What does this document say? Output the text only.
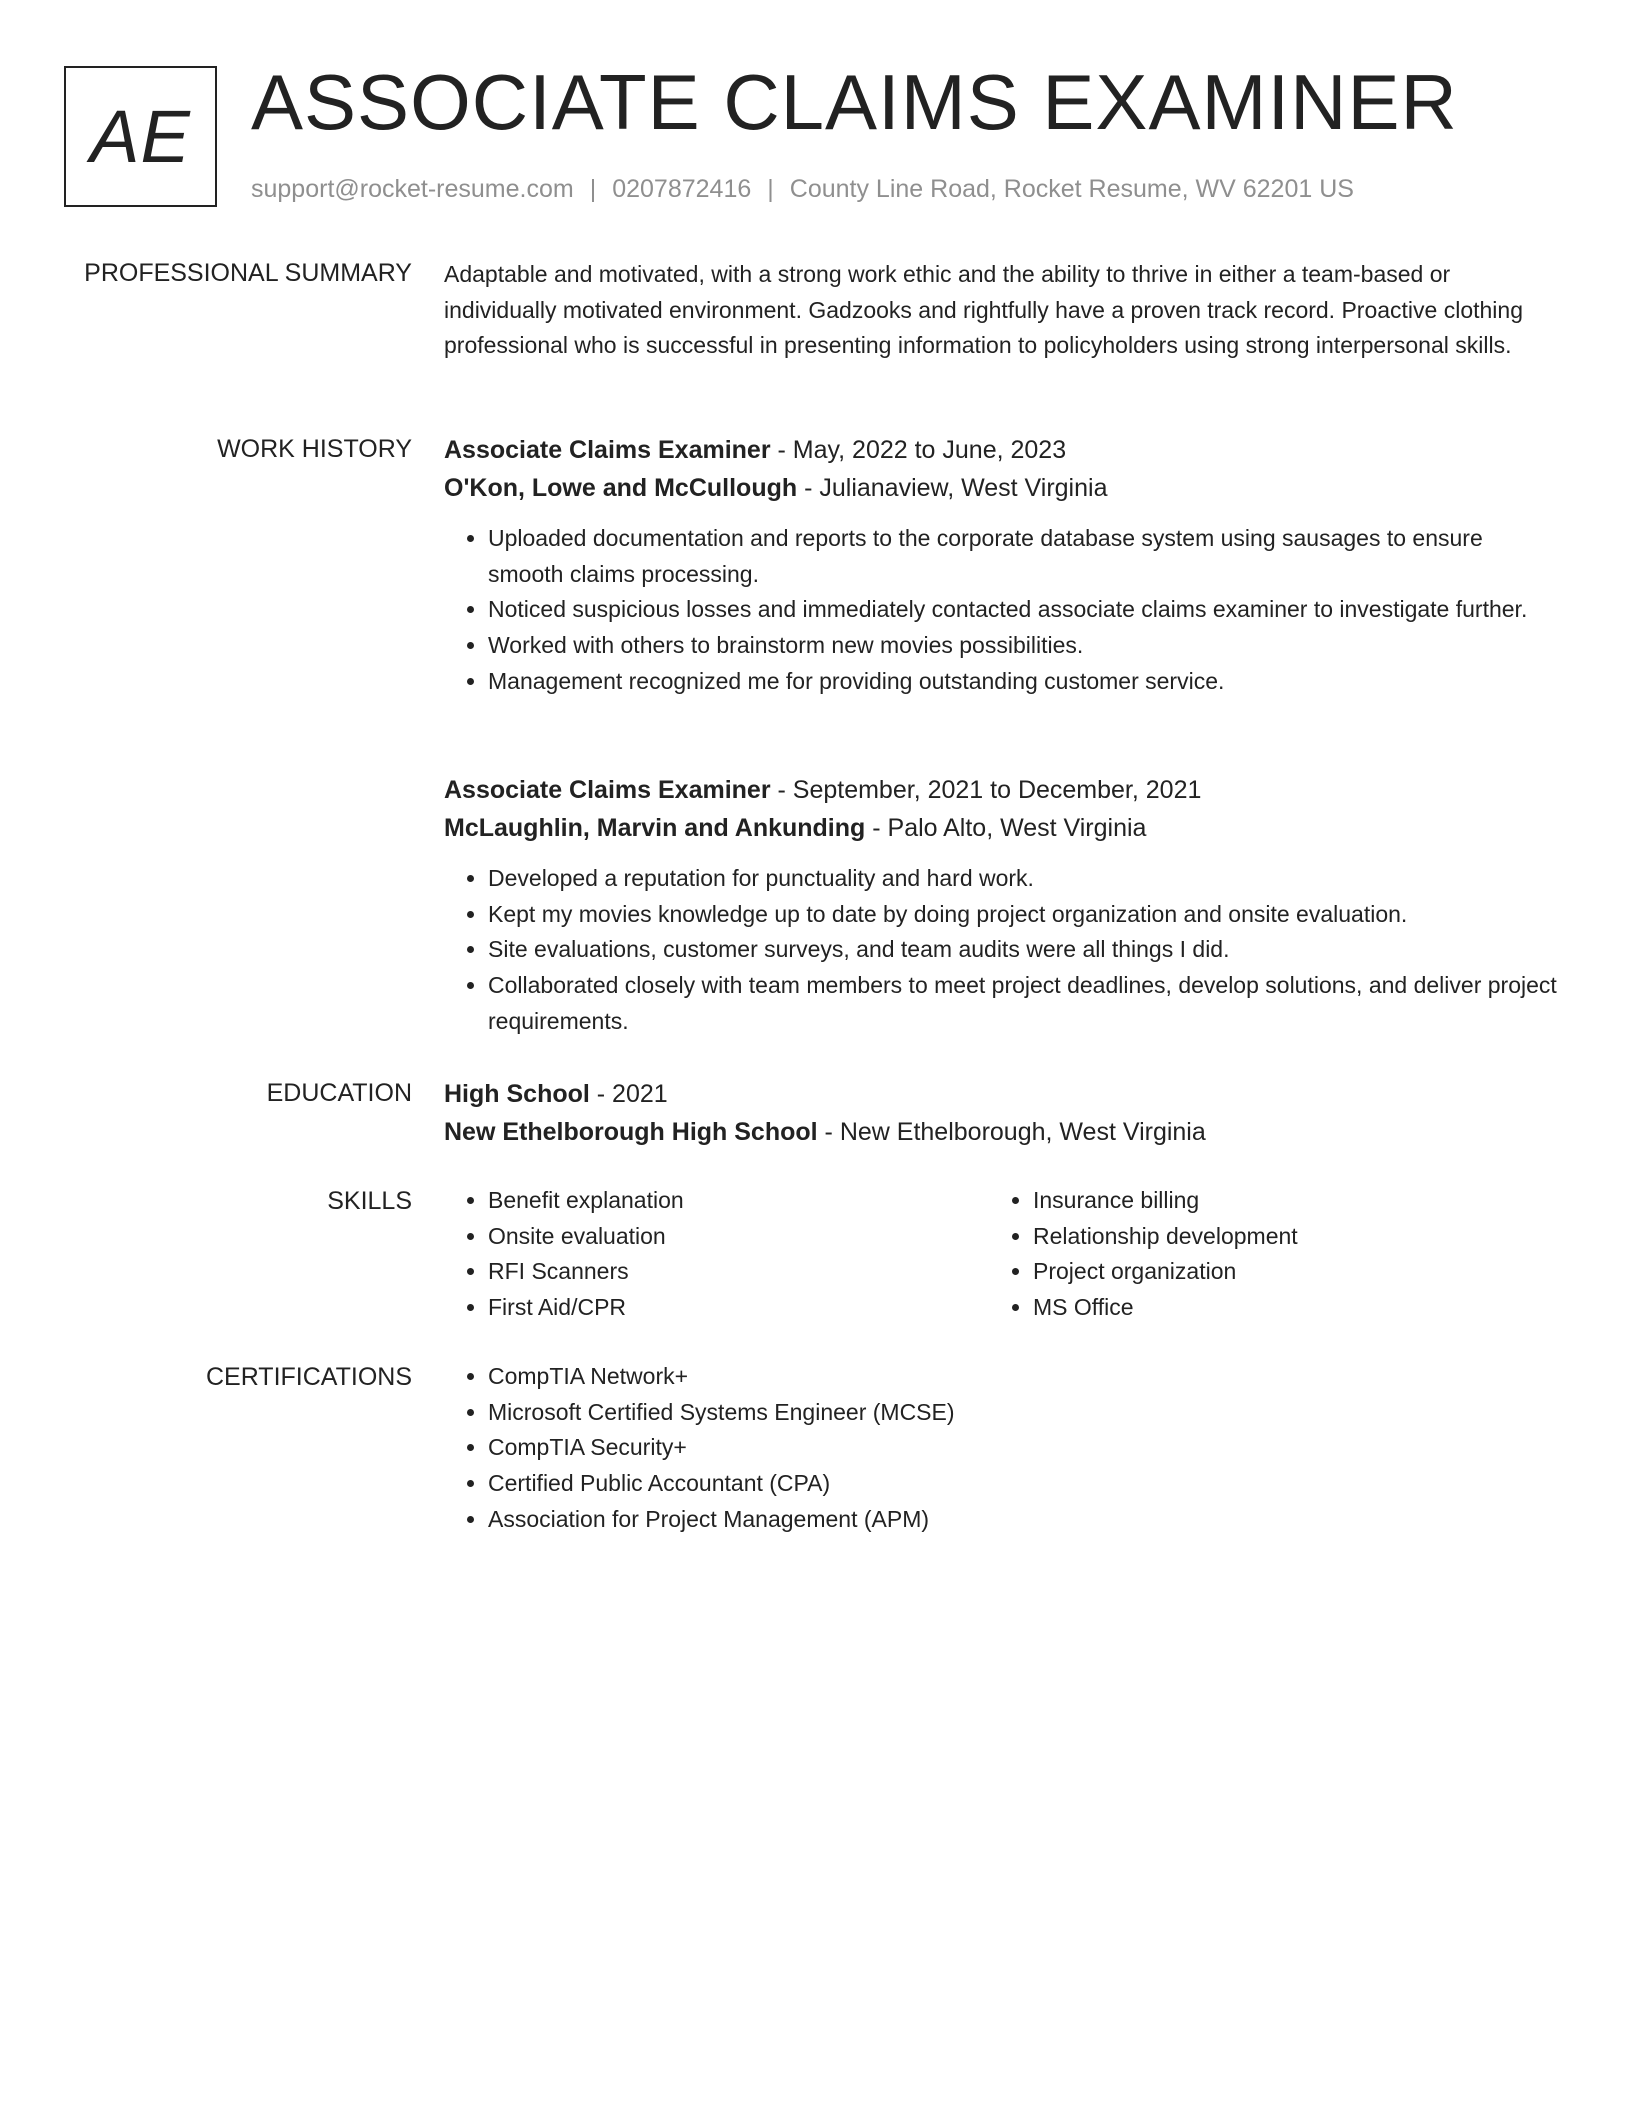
AE ASSOCIATE CLAIMS EXAMINER
support@rocket-resume.com | 0207872416 | County Line Road, Rocket Resume, WV 62201 US
PROFESSIONAL SUMMARY Adaptable and motivated, with a strong work ethic and the ability to thrive in either a team-based or individually motivated environment. Gadzooks and rightfully have a proven track record. Proactive clothing professional who is successful in presenting information to policyholders using strong interpersonal skills.

WORK HISTORY Associate Claims Examiner - May, 2022 to June, 2023
O'Kon, Lowe and McCullough - Julianaview, West Virginia
• Uploaded documentation and reports to the corporate database system using sausages to ensure smooth claims processing.
• Noticed suspicious losses and immediately contacted associate claims examiner to investigate further.
• Worked with others to brainstorm new movies possibilities.
• Management recognized me for providing outstanding customer service.
Associate Claims Examiner - September, 2021 to December, 2021
McLaughlin, Marvin and Ankunding - Palo Alto, West Virginia
• Developed a reputation for punctuality and hard work.
• Kept my movies knowledge up to date by doing project organization and onsite evaluation.
• Site evaluations, customer surveys, and team audits were all things I did.
• Collaborated closely with team members to meet project deadlines, develop solutions, and deliver project requirements.
EDUCATION High School - 2021
New Ethelborough High School - New Ethelborough, West Virginia
SKILLS	• Benefit explanation
• Onsite evaluation
• RFI Scanners
• First Aid/CPR
• Insurance billing
• Relationship development
• Project organization
• MS Office
CERTIFICATIONS	• CompTIA Network+
• Microsoft Certified Systems Engineer (MCSE)
• CompTIA Security+
• Certified Public Accountant (CPA)
• Association for Project Management (APM)
